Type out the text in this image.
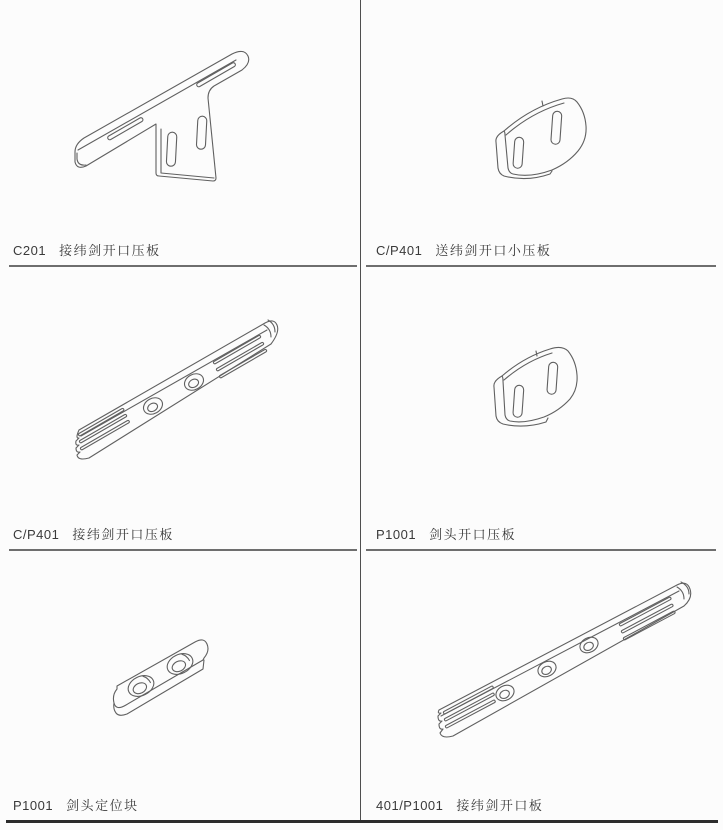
C201 接纬剑开口压板	C/P401 送纬剑开口小压板
C/P401 接纬剑开口压板	P1001 剑头开口压板
P1001 剑头定位块	401/P1001 接纬剑开口板
